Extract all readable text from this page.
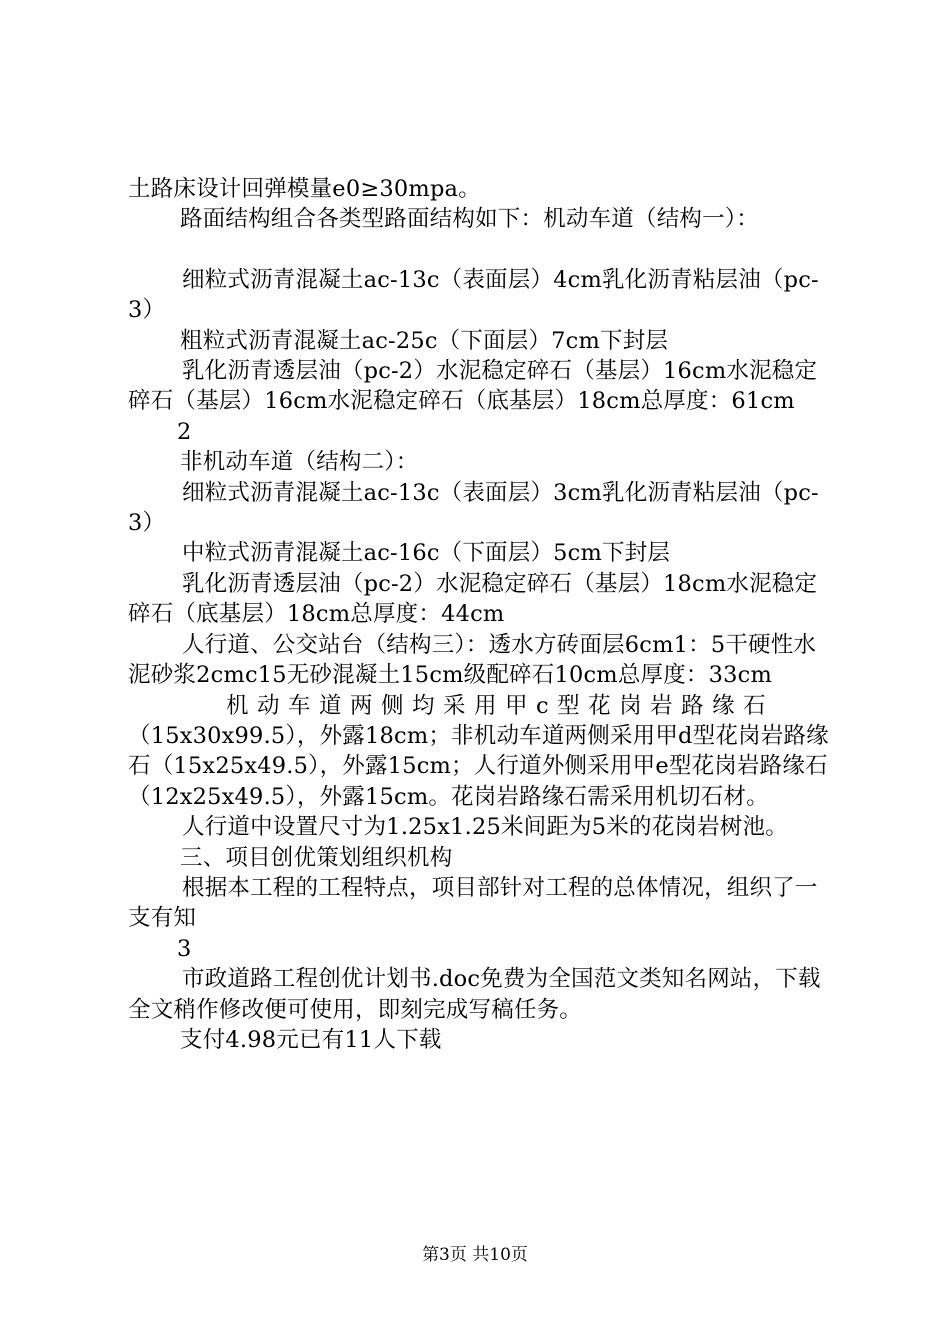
土路床设计回弹模量e0≥30mpa。

路面结构组合各类型路面结构如下：机动车道（结构一）：

细粒式沥青混凝土ac-13c（表面层）4cm乳化沥青粘层油（pc-3）

粗粒式沥青混凝土ac-25c（下面层）7cm下封层

乳化沥青透层油（pc-2）水泥稳定碎石（基层）16cm水泥稳定碎石（基层）16cm水泥稳定碎石（底基层）18cm总厚度：61cm

2

非机动车道（结构二）：

细粒式沥青混凝土ac-13c（表面层）3cm乳化沥青粘层油（pc-3）

中粒式沥青混凝土ac-16c（下面层）5cm下封层

乳化沥青透层油（pc-2）水泥稳定碎石（基层）18cm水泥稳定碎石（底基层）18cm总厚度：44cm

人行道、公交站台（结构三）：透水方砖面层6cm1：5干硬性水泥砂浆2cmc15无砂混凝土15cm级配碎石10cm总厚度：33cm

机动车道两侧均采用甲c型花岗岩路缘石

（15x30x99.5），外露18cm；非机动车道两侧采用甲d型花岗岩路缘石（15x25x49.5），外露15cm；人行道外侧采用甲e型花岗岩路缘石（12x25x49.5），外露15cm。花岗岩路缘石需采用机切石材。

人行道中设置尺寸为1.25x1.25米间距为5米的花岗岩树池。

三、项目创优策划组织机构

根据本工程的工程特点，项目部针对工程的总体情况，组织了一支有知

3

市政道路工程创优计划书.doc免费为全国范文类知名网站，下载全文稍作修改便可使用，即刻完成写稿任务。

支付4.98元已有11人下载

第3页 共10页
